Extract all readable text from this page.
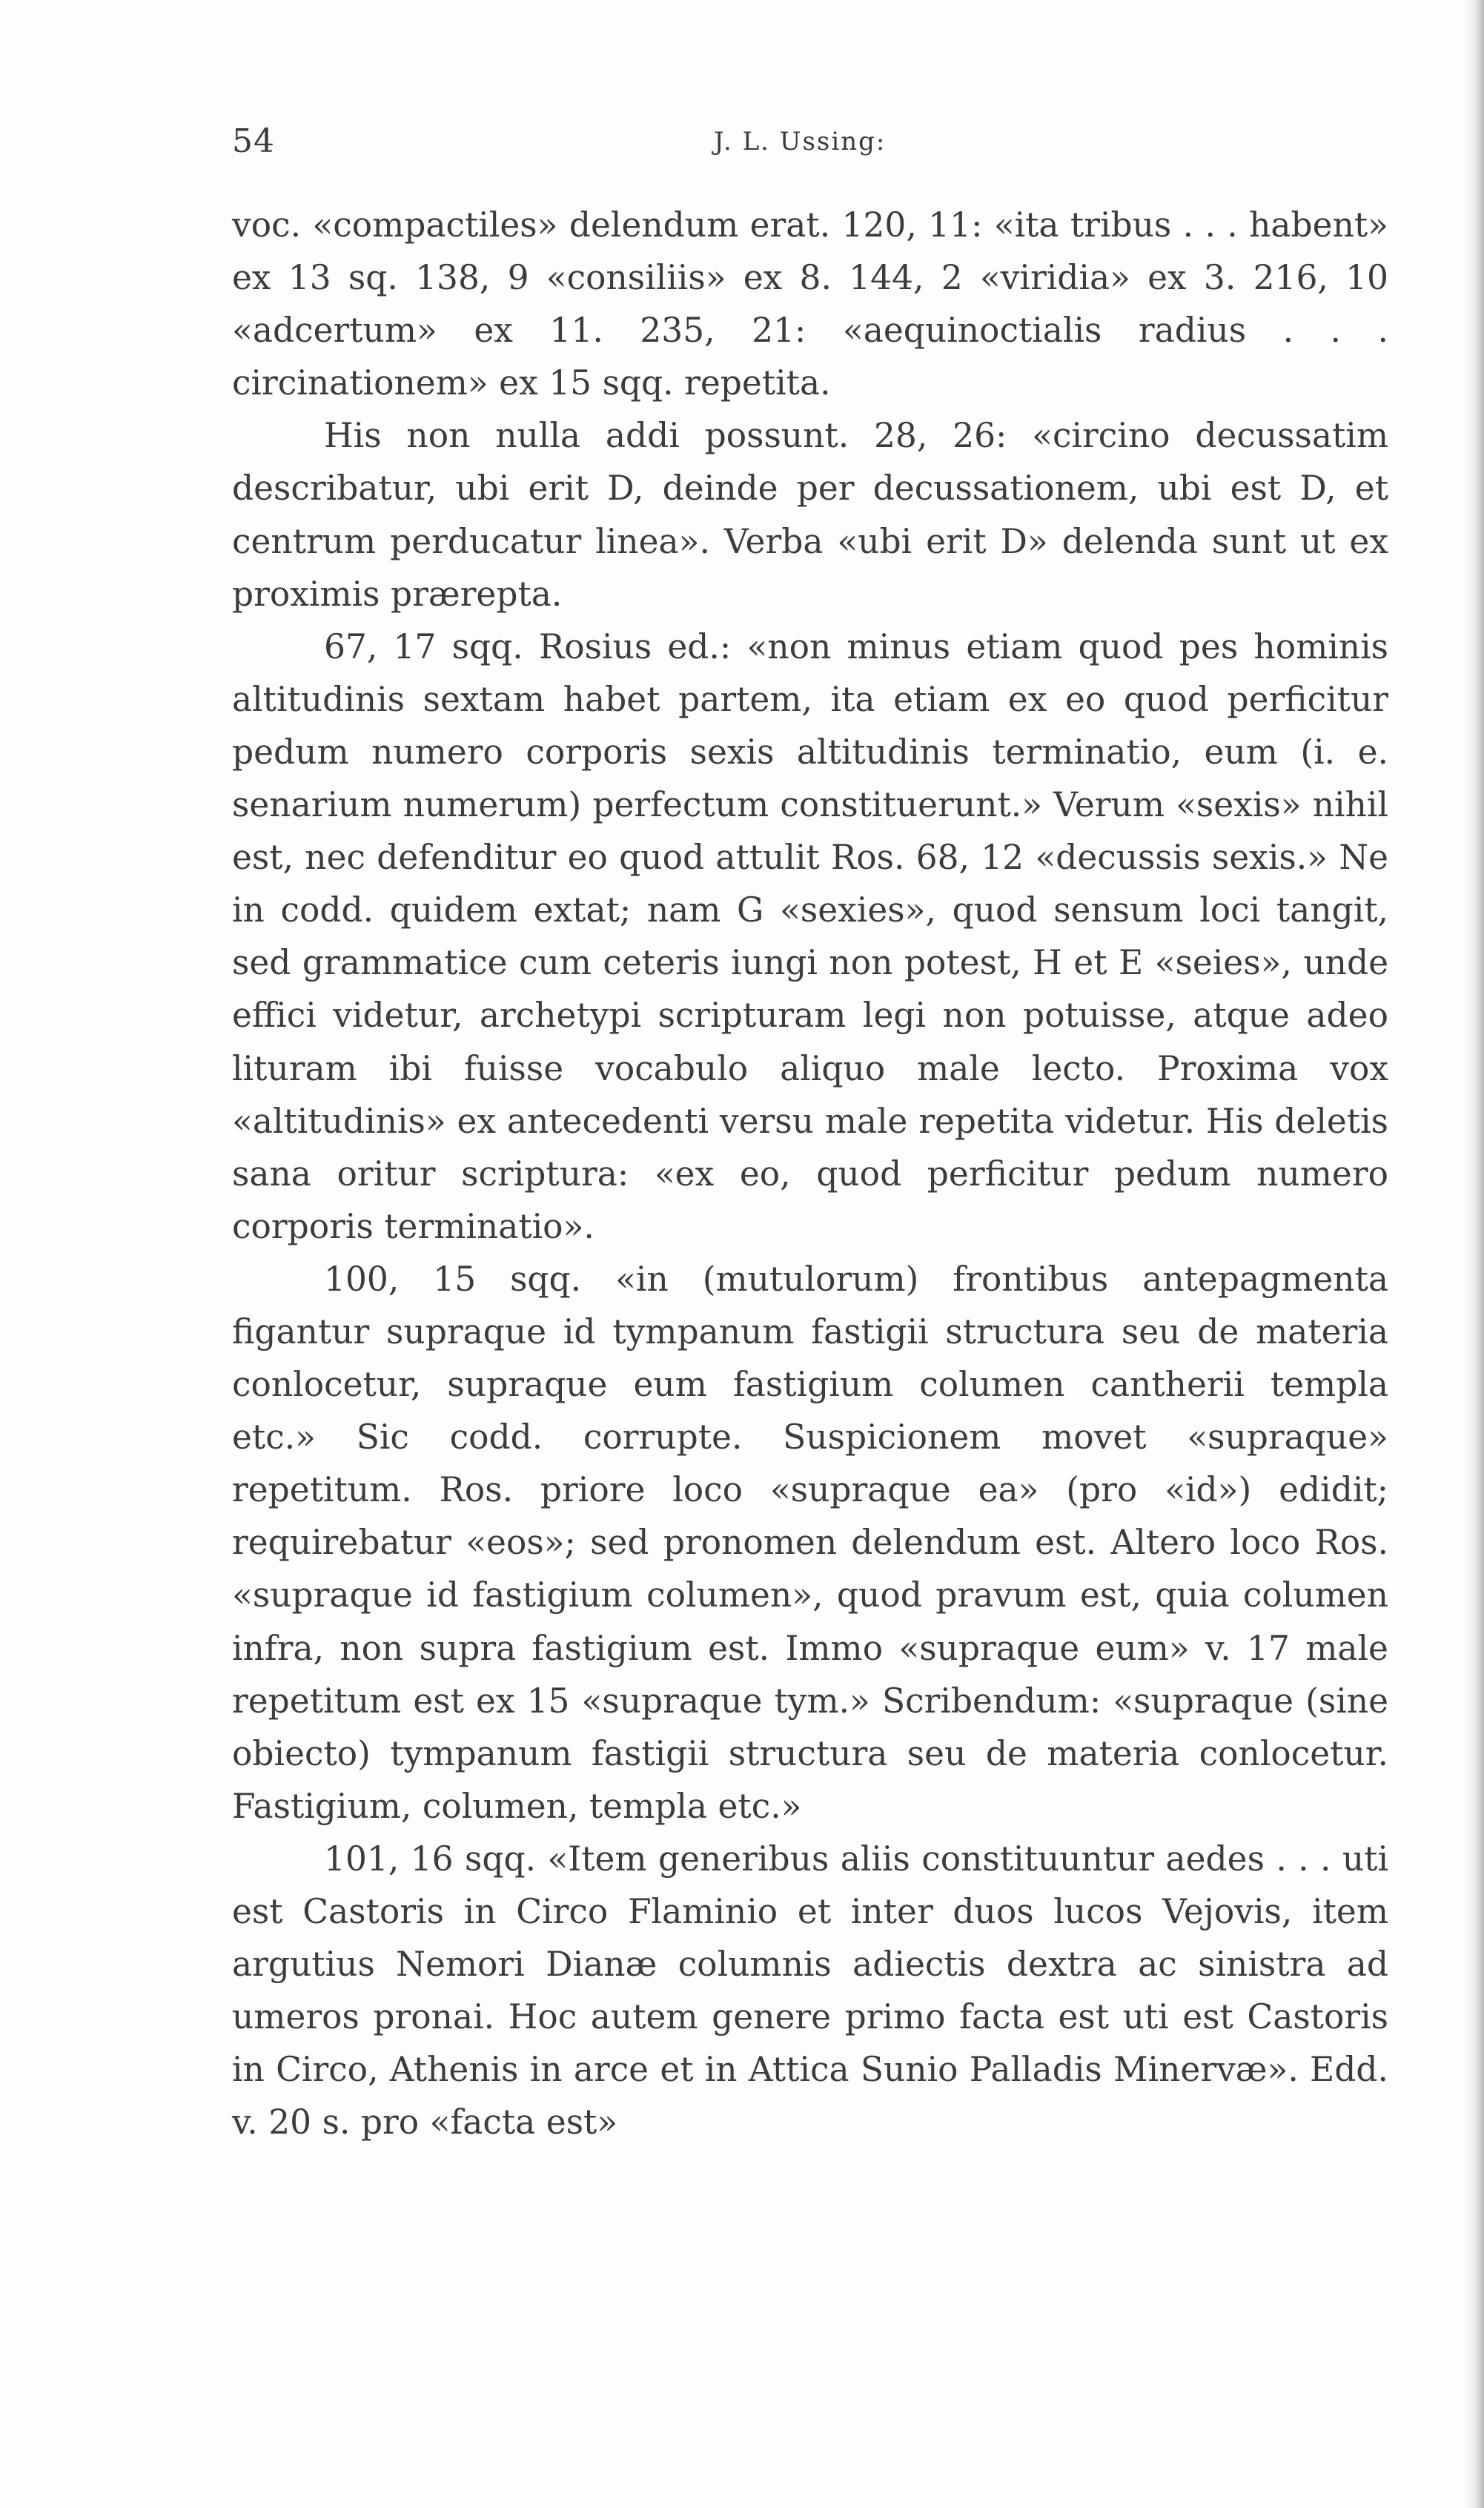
54	J. L. Ussing:

voc. «compactiles» delendum erat. 120, 11: «ita tribus . . . habent» ex 13 sq. 138, 9 «consiliis» ex 8. 144, 2 «viridia» ex 3. 216, 10 «adcertum» ex 11. 235, 21: «aequinoctialis radius . . . circinationem» ex 15 sqq. repetita.

His non nulla addi possunt. 28, 26: «circino decussatim describatur, ubi erit D, deinde per decussationem, ubi est D, et centrum perducatur linea». Verba «ubi erit D» delenda sunt ut ex proximis prærepta.

67, 17 sqq. Rosius ed.: «non minus etiam quod pes hominis altitudinis sextam habet partem, ita etiam ex eo quod perficitur pedum numero corporis sexis altitudinis terminatio, eum (i. e. senarium numerum) perfectum constituerunt.» Verum «sexis» nihil est, nec defenditur eo quod attulit Ros. 68, 12 «decussis sexis.» Ne in codd. quidem extat; nam G «sexies», quod sensum loci tangit, sed grammatice cum ceteris iungi non potest, H et E «seies», unde effici videtur, archetypi scripturam legi non potuisse, atque adeo lituram ibi fuisse vocabulo aliquo male lecto. Proxima vox «altitudinis» ex antecedenti versu male repetita videtur. His deletis sana oritur scriptura: «ex eo, quod perficitur pedum numero corporis terminatio».

100, 15 sqq. «in (mutulorum) frontibus antepagmenta figantur supraque id tympanum fastigii structura seu de materia conlocetur, supraque eum fastigium columen cantherii templa etc.» Sic codd. corrupte. Suspicionem movet «supraque» repetitum. Ros. priore loco «supraque ea» (pro «id») edidit; requirebatur «eos»; sed pronomen delendum est. Altero loco Ros. «supraque id fastigium columen», quod pravum est, quia columen infra, non supra fastigium est. Immo «supraque eum» v. 17 male repetitum est ex 15 «supraque tym.» Scribendum: «supraque (sine obiecto) tympanum fastigii structura seu de materia conlocetur. Fastigium, columen, templa etc.»

101, 16 sqq. «Item generibus aliis constituuntur aedes . . . uti est Castoris in Circo Flaminio et inter duos lucos Vejovis, item argutius Nemori Dianæ columnis adiectis dextra ac sinistra ad umeros pronai. Hoc autem genere primo facta est uti est Castoris in Circo, Athenis in arce et in Attica Sunio Palladis Minervæ». Edd. v. 20 s. pro «facta est»
